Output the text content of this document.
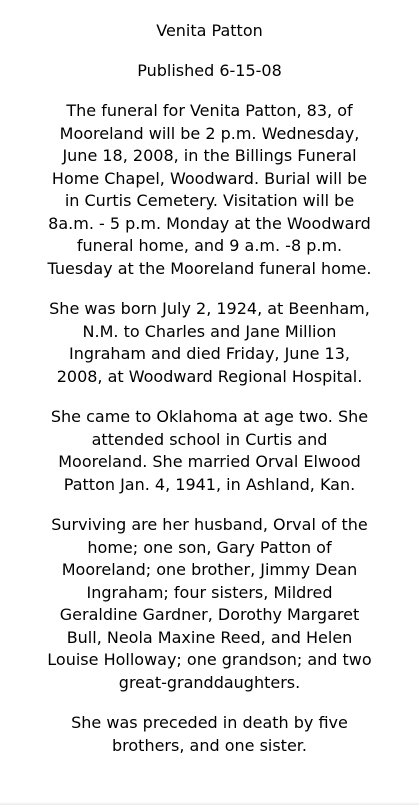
Venita Patton
Published 6-15-08
The funeral for Venita Patton, 83, of
Mooreland will be 2 p.m. Wednesday,
June 18, 2008, in the Billings Funeral
Home Chapel, Woodward. Burial will be
in Curtis Cemetery. Visitation will be
8a.m. - 5 p.m. Monday at the Woodward
funeral home, and 9 a.m. -8 p.m.
Tuesday at the Mooreland funeral home.
She was born July 2, 1924, at Beenham,
N.M. to Charles and Jane Million
Ingraham and died Friday, June 13,
2008, at Woodward Regional Hospital.
She came to Oklahoma at age two. She
attended school in Curtis and
Mooreland. She married Orval Elwood
Patton Jan. 4, 1941, in Ashland, Kan.
Surviving are her husband, Orval of the
home; one son, Gary Patton of
Mooreland; one brother, Jimmy Dean
Ingraham; four sisters, Mildred
Geraldine Gardner, Dorothy Margaret
Bull, Neola Maxine Reed, and Helen
Louise Holloway; one grandson; and two
great-granddaughters.
She was preceded in death by five
brothers, and one sister.
